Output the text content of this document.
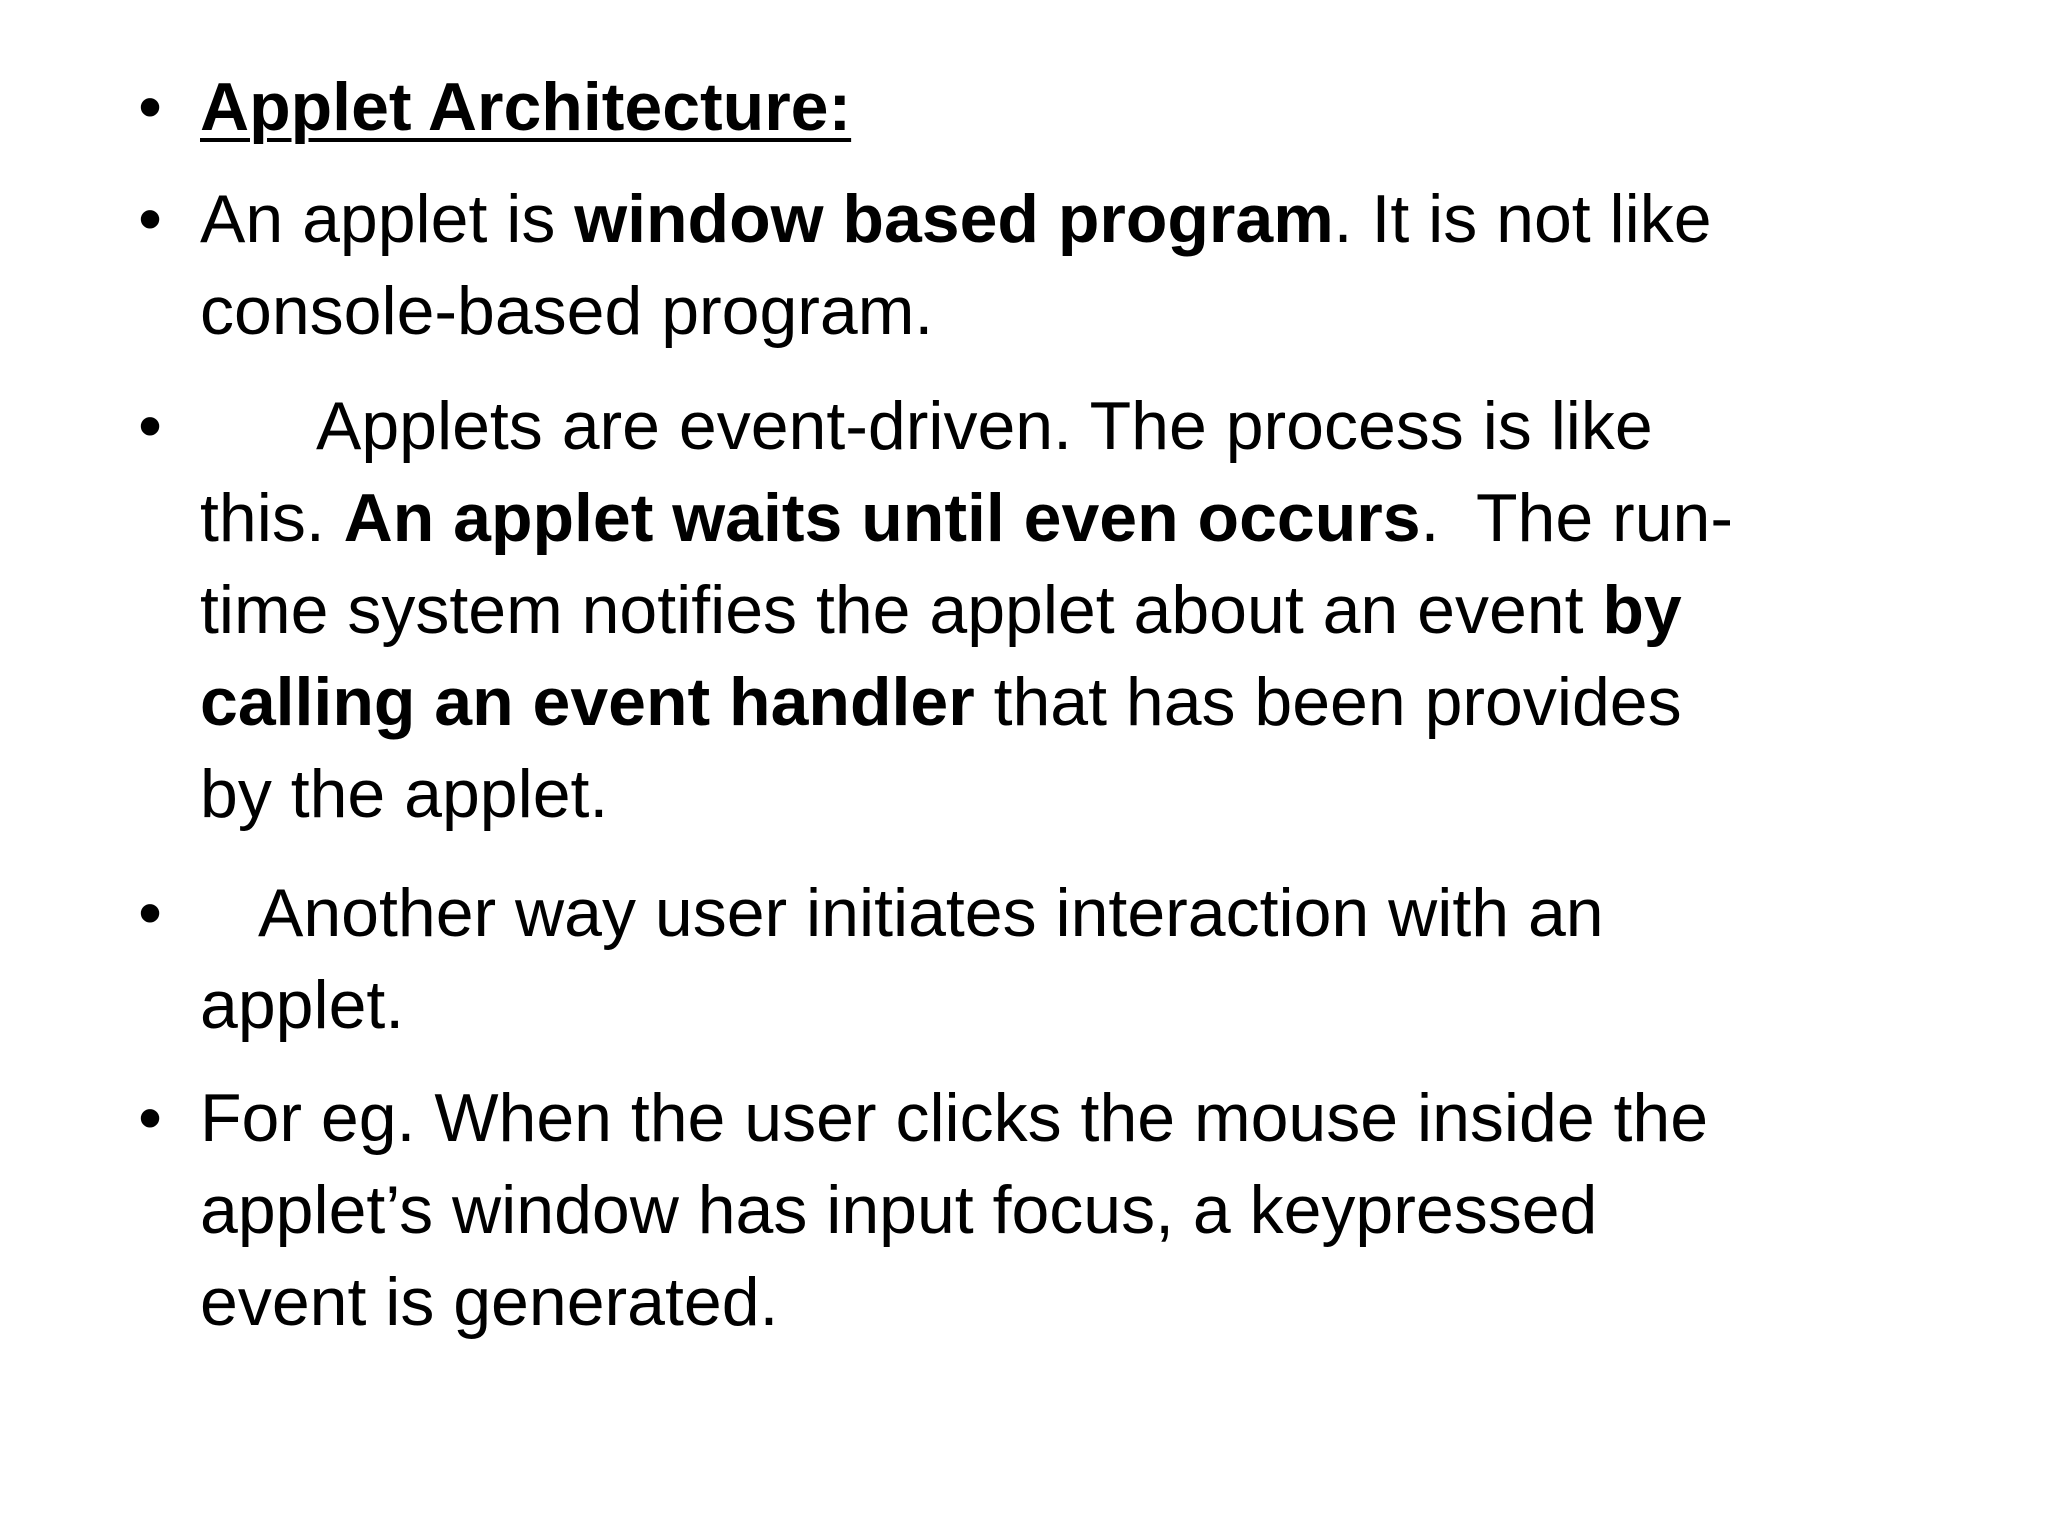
• Applet Architecture:
• An applet is window based program. It is not like
console-based program.
•	Applets are event-driven. The process is like
this. An applet waits until even occurs.  The run-
time system notifies the applet about an event by
calling an event handler that has been provides
by the applet.
•	Another way user initiates interaction with an
applet.
• For eg. When the user clicks the mouse inside the
applet’s window has input focus, a keypressed
event is generated.
